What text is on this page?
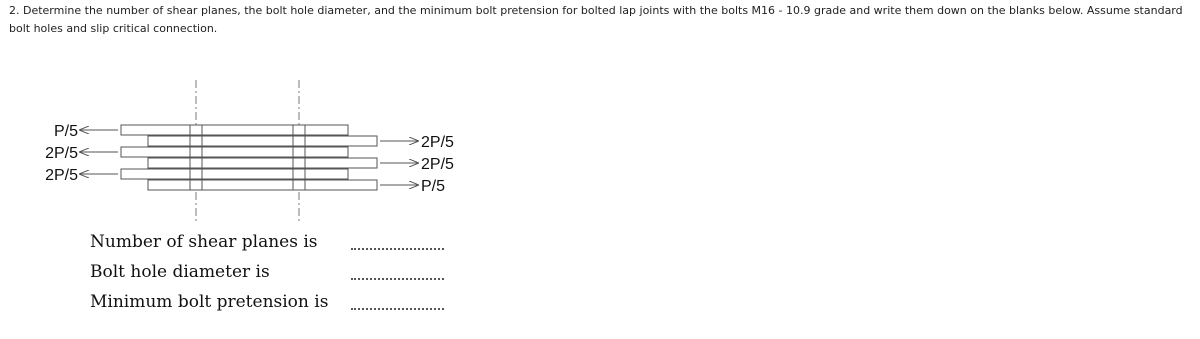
2. Determine the number of shear planes, the bolt hole diameter, and the minimum bolt pretension for bolted lap joints with the bolts M16 - 10.9 grade and write them down on the blanks below. Assume standard bolt holes and slip critical connection.

P/5
2P/5
2P/5
2P/5
2P/5
P/5
Number of shear planes is
Bolt hole diameter is
Minimum bolt pretension is
